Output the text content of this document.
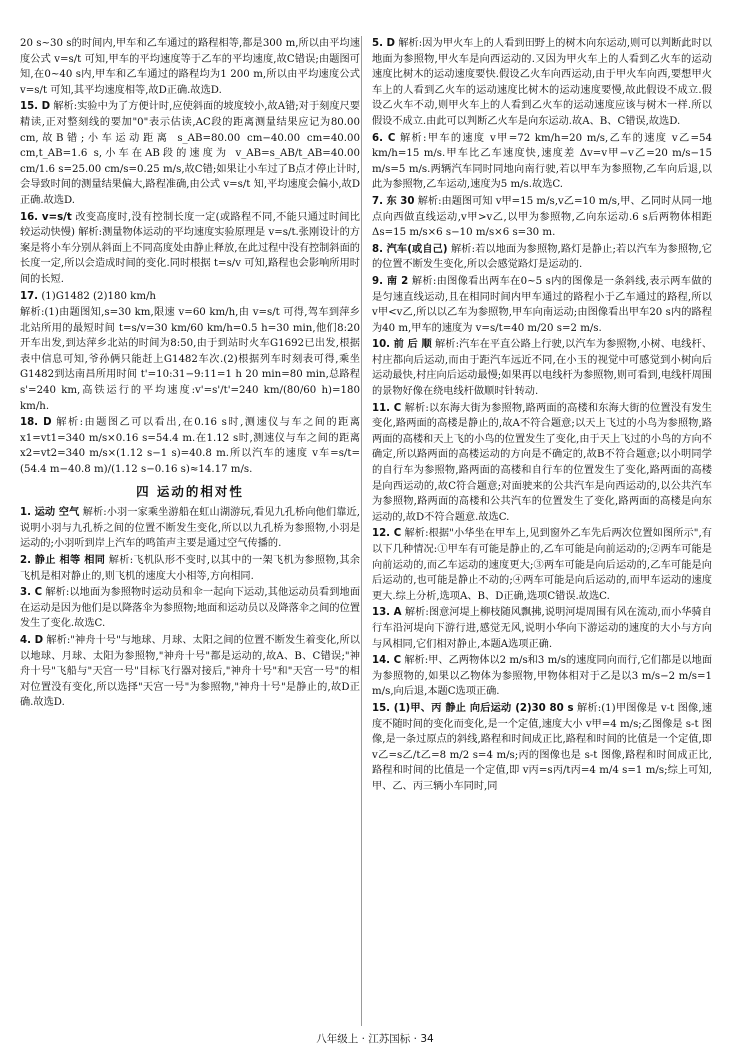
20 s~30 s的时间内,甲车和乙车通过的路程相等,都是300 m,所以由平均速度公式 v=s/t 可知,甲车的平均速度等于乙车的平均速度,故C错误;由题图可知,在0~40 s内,甲车和乙车通过的路程均为1 200 m,所以由平均速度公式 v=s/t 可知,其平均速度相等,故D正确.故选D.
15. D 解析:实验中为了方便计时,应使斜面的坡度较小,故A错;对于刻度尺要精读,正对整刻线的要加"0"表示估读,AC段的距离测量结果应记为80.00 cm,故B错;小车运动距离 s_AB=80.00 cm−40.00 cm=40.00 cm,t_AB=1.6 s,小车在AB段的速度为 v_AB=s_AB/t_AB=40.00 cm/1.6 s=25.00 cm/s=0.25 m/s,故C错;如果让小车过了B点才停止计时,会导致时间的测量结果偏大,路程准确,由公式 v=s/t 知,平均速度会偏小,故D正确.故选D.
16. v=s/t 改变高度时,没有控制长度一定(或路程不同,不能只通过时间比较运动快慢) 解析:测量物体运动的平均速度实验原理是 v=s/t.张刚设计的方案是将小车分别从斜面上不同高度处由静止释放,在此过程中没有控制斜面的长度一定,所以会造成时间的变化.同时根据 t=s/v 可知,路程也会影响所用时间的长短.
17. (1)G1482 (2)180 km/h
解析:(1)由题图知,s=30 km,限速 v=60 km/h,由 v=s/t 可得,驾车到萍乡北站所用的最短时间 t=s/v=30 km/60 km/h=0.5 h=30 min,他们8:20开车出发,到达萍乡北站的时间为8:50,由于到站时火车G1692已出发,根据表中信息可知,爷孙俩只能赶上G1482车次.(2)根据列车时刻表可得,乘坐G1482到达南昌所用时间 t'=10:31−9:11=1 h 20 min=80 min,总路程 s'=240 km,高铁运行的平均速度:v'=s'/t'=240 km/(80/60 h)=180 km/h.
18. D 解析:由题图乙可以看出,在0.16 s时,测速仪与车之间的距离 x1=vt1=340 m/s×0.16 s=54.4 m.在1.12 s时,测速仪与车之间的距离 x2=vt2=340 m/s×(1.12 s−1 s)=40.8 m.所以汽车的速度 v车=s/t=(54.4 m−40.8 m)/(1.12 s−0.16 s)≈14.17 m/s.
四 运动的相对性
1. 运动 空气 解析:小羽一家乘坐游船在虹山湖游玩,看见九孔桥向他们靠近,说明小羽与九孔桥之间的位置不断发生变化,所以以九孔桥为参照物,小羽是运动的;小羽听到岸上汽车的鸣笛声主要是通过空气传播的.
2. 静止 相等 相同 解析:飞机队形不变时,以其中的一架飞机为参照物,其余飞机是相对静止的,则飞机的速度大小相等,方向相同.
3. C 解析:以地面为参照物时运动员和伞一起向下运动,其他运动员看到地面在运动是因为他们是以降落伞为参照物;地面和运动员以及降落伞之间的位置发生了变化.故选C.
4. D 解析:"神舟十号"与地球、月球、太阳之间的位置不断发生着变化,所以以地球、月球、太阳为参照物,"神舟十号"都是运动的,故A、B、C错误;"神舟十号"飞船与"天宫一号"目标飞行器对接后,"神舟十号"和"天宫一号"的相对位置没有变化,所以选择"天宫一号"为参照物,"神舟十号"是静止的,故D正确.故选D.
5. D 解析:因为甲火车上的人看到田野上的树木向东运动,则可以判断此时以地面为参照物,甲火车是向西运动的.又因为甲火车上的人看到乙火车的运动速度比树木的运动速度要快.假设乙火车向西运动,由于甲火车向西,要想甲火车上的人看到乙火车的运动速度比树木的运动速度要慢,故此假设不成立.假设乙火车不动,则甲火车上的人看到乙火车的运动速度应该与树木一样.所以假设不成立.由此可以判断乙火车是向东运动.故A、B、C错误,故选D.
6. C 解析:甲车的速度 v甲=72 km/h=20 m/s,乙车的速度 v乙=54 km/h=15 m/s.甲车比乙车速度快,速度差 Δv=v甲−v乙=20 m/s−15 m/s=5 m/s.两辆汽车同时同地向南行驶,若以甲车为参照物,乙车向后退,以此为参照物,乙车运动,速度为5 m/s.故选C.
7. 东 30 解析:由题图可知 v甲=15 m/s,v乙=10 m/s,甲、乙同时从同一地点向西做直线运动,v甲>v乙,以甲为参照物,乙向东运动.6 s后两物体相距 Δs=15 m/s×6 s−10 m/s×6 s=30 m.
8. 汽车(或自己) 解析:若以地面为参照物,路灯是静止;若以汽车为参照物,它的位置不断发生变化,所以会感觉路灯是运动的.
9. 南 2 解析:由图像看出两车在0~5 s内的图像是一条斜线,表示两车做的是匀速直线运动,且在相同时间内甲车通过的路程小于乙车通过的路程,所以 v甲<v乙,所以以乙车为参照物,甲车向南运动;由图像看出甲车20 s内的路程为40 m,甲车的速度为 v=s/t=40 m/20 s=2 m/s.
10. 前 后 顺 解析:汽车在平直公路上行驶,以汽车为参照物,小树、电线杆、村庄都向后运动,而由于距汽车远近不同,在小玉的视觉中可感觉到小树向后运动最快,村庄向后运动最慢;如果再以电线杆为参照物,则可看到,电线杆周围的景物好像在绕电线杆做顺时针转动.
11. C 解析:以东海大街为参照物,路两面的高楼和东海大街的位置没有发生变化,路两面的高楼是静止的,故A不符合题意;以天上飞过的小鸟为参照物,路两面的高楼和天上飞的小鸟的位置发生了变化,由于天上飞过的小鸟的方向不确定,所以路两面的高楼运动的方向是不确定的,故B不符合题意;以小明同学的自行车为参照物,路两面的高楼和自行车的位置发生了变化,路两面的高楼是向西运动的,故C符合题意;对面驶来的公共汽车是向西运动的,以公共汽车为参照物,路两面的高楼和公共汽车的位置发生了变化,路两面的高楼是向东运动的,故D不符合题意.故选C.
12. C 解析:根据"小华坐在甲车上,见到窗外乙车先后两次位置如图所示",有以下几种情况:①甲车有可能是静止的,乙车可能是向前运动的;②两车可能是向前运动的,而乙车运动的速度更大;③两车可能是向后运动的,乙车可能是向后运动的,也可能是静止不动的;④两车可能是向后运动的,而甲车运动的速度更大.综上分析,选项A、B、D正确,选项C错误.故选C.
13. A 解析:图意河堤上柳枝随风飘拂,说明河堤周围有风在流动,而小华骑自行车沿河堤向下游行进,感觉无风,说明小华向下游运动的速度的大小与方向与风相同,它们相对静止,本题A选项正确.
14. C 解析:甲、乙两物体以2 m/s和3 m/s的速度同向而行,它们都是以地面为参照物的,如果以乙物体为参照物,甲物体相对于乙是以3 m/s−2 m/s=1 m/s,向后退,本题C选项正确.
15. (1)甲、丙 静止 向后运动 (2)30 80 s 解析:(1)甲图像是 v-t 图像,速度不随时间的变化而变化,是一个定值,速度大小 v甲=4 m/s;乙图像是 s-t 图像,是一条过原点的斜线,路程和时间成正比,路程和时间的比值是一个定值,即 v乙=s乙/t乙=8 m/2 s=4 m/s;丙的图像也是 s-t 图像,路程和时间成正比,路程和时间的比值是一个定值,即 v丙=s丙/t丙=4 m/4 s=1 m/s;综上可知,甲、乙、丙三辆小车同时,同
八年级上 · 江苏国标 · 34
